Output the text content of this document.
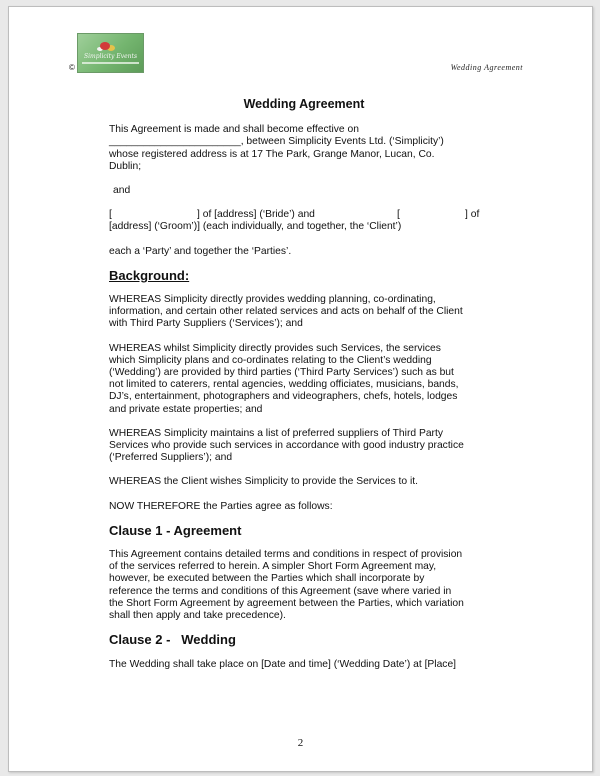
Simplicity Events
©	Wedding Agreement
Wedding Agreement
This Agreement is made and shall become effective on
_______________________, between Simplicity Events Ltd. (‘Simplicity’)
whose registered address is at 17 The Park, Grange Manor, Lucan, Co.
Dublin;
and
[	] of [address] (‘Bride’) and	[	] of
[address] (‘Groom’)] (each individually, and together, the ‘Client’)
each a ‘Party’ and together the ‘Parties’.
Background:
WHEREAS Simplicity directly provides wedding planning, co-ordinating,
information, and certain other related services and acts on behalf of the Client
with Third Party Suppliers (‘Services’); and
WHEREAS whilst Simplicity directly provides such Services, the services
which Simplicity plans and co-ordinates relating to the Client’s wedding
(‘Wedding’) are provided by third parties (‘Third Party Services’) such as but
not limited to caterers, rental agencies, wedding officiates, musicians, bands,
DJ’s, entertainment, photographers and videographers, chefs, hotels, lodges
and private estate properties; and
WHEREAS Simplicity maintains a list of preferred suppliers of Third Party
Services who provide such services in accordance with good industry practice
(‘Preferred Suppliers’); and
WHEREAS the Client wishes Simplicity to provide the Services to it.
NOW THEREFORE the Parties agree as follows:
Clause 1 - Agreement
This Agreement contains detailed terms and conditions in respect of provision
of the services referred to herein. A simpler Short Form Agreement may,
however, be executed between the Parties which shall incorporate by
reference the terms and conditions of this Agreement (save where varied in
the Short Form Agreement by agreement between the Parties, which variation
shall then apply and take precedence).
Clause 2 -   Wedding
The Wedding shall take place on [Date and time] (‘Wedding Date’) at [Place]
2
